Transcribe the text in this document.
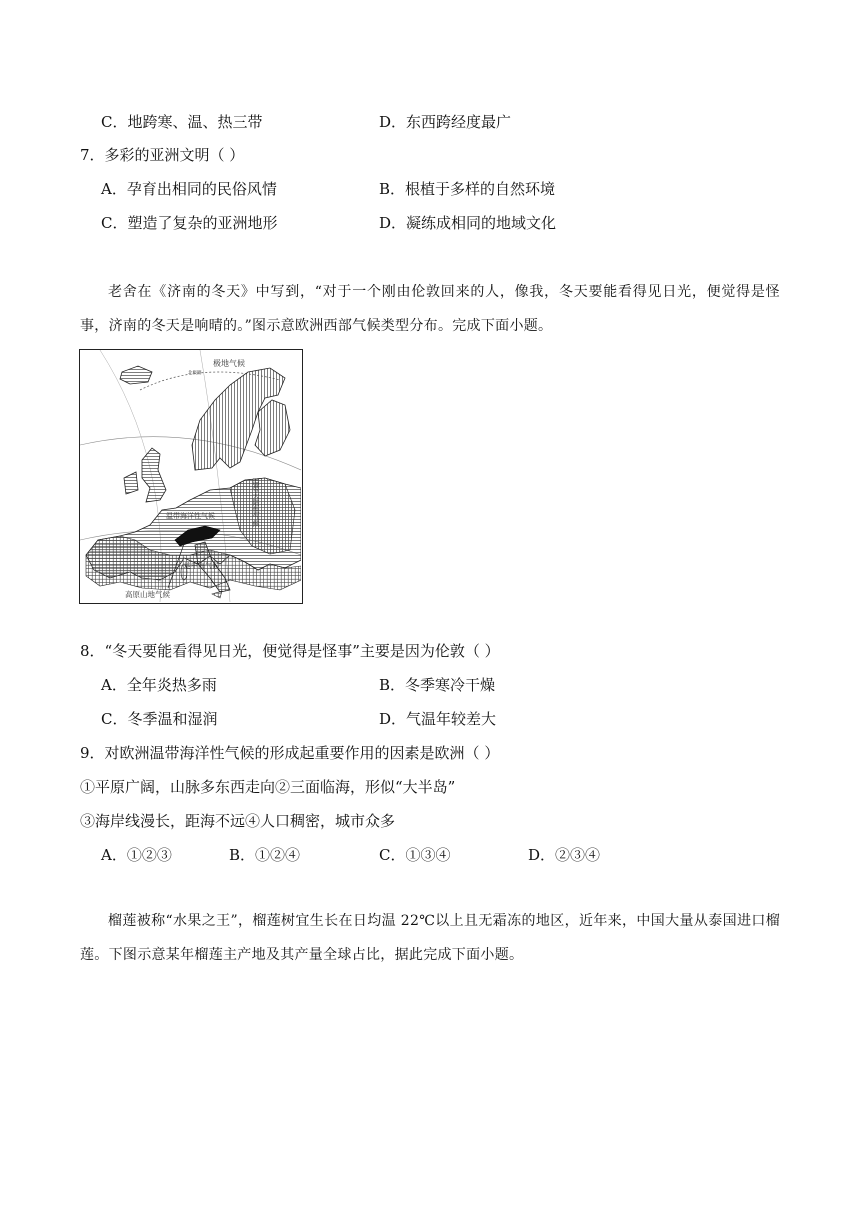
C．地跨寒、温、热三带	D．东西跨经度最广
7．多彩的亚洲文明（ ）
A．孕育出相同的民俗风情	B．根植于多样的自然环境
C．塑造了复杂的亚洲地形	D．凝练成相同的地域文化
老舍在《济南的冬天》中写到，“对于一个刚由伦敦回来的人，像我，冬天要能看得见日光，便觉得是怪事，济南的冬天是响晴的。”图示意欧洲西部气候类型分布。完成下面小题。
极地气候
温带海洋性气候
地中海气候
高原山地气候
北极圈
温带大陆性气候
8．“冬天要能看得见日光，便觉得是怪事”主要是因为伦敦（ ）
A．全年炎热多雨	B．冬季寒冷干燥
C．冬季温和湿润	D．气温年较差大
9．对欧洲温带海洋性气候的形成起重要作用的因素是欧洲（ ）
①平原广阔，山脉多东西走向②三面临海，形似“大半岛”
③海岸线漫长，距海不远④人口稠密，城市众多
A．①②③	B．①②④	C．①③④	D．②③④
榴莲被称“水果之王”，榴莲树宜生长在日均温 22℃以上且无霜冻的地区，近年来，中国大量从泰国进口榴莲。下图示意某年榴莲主产地及其产量全球占比，据此完成下面小题。
